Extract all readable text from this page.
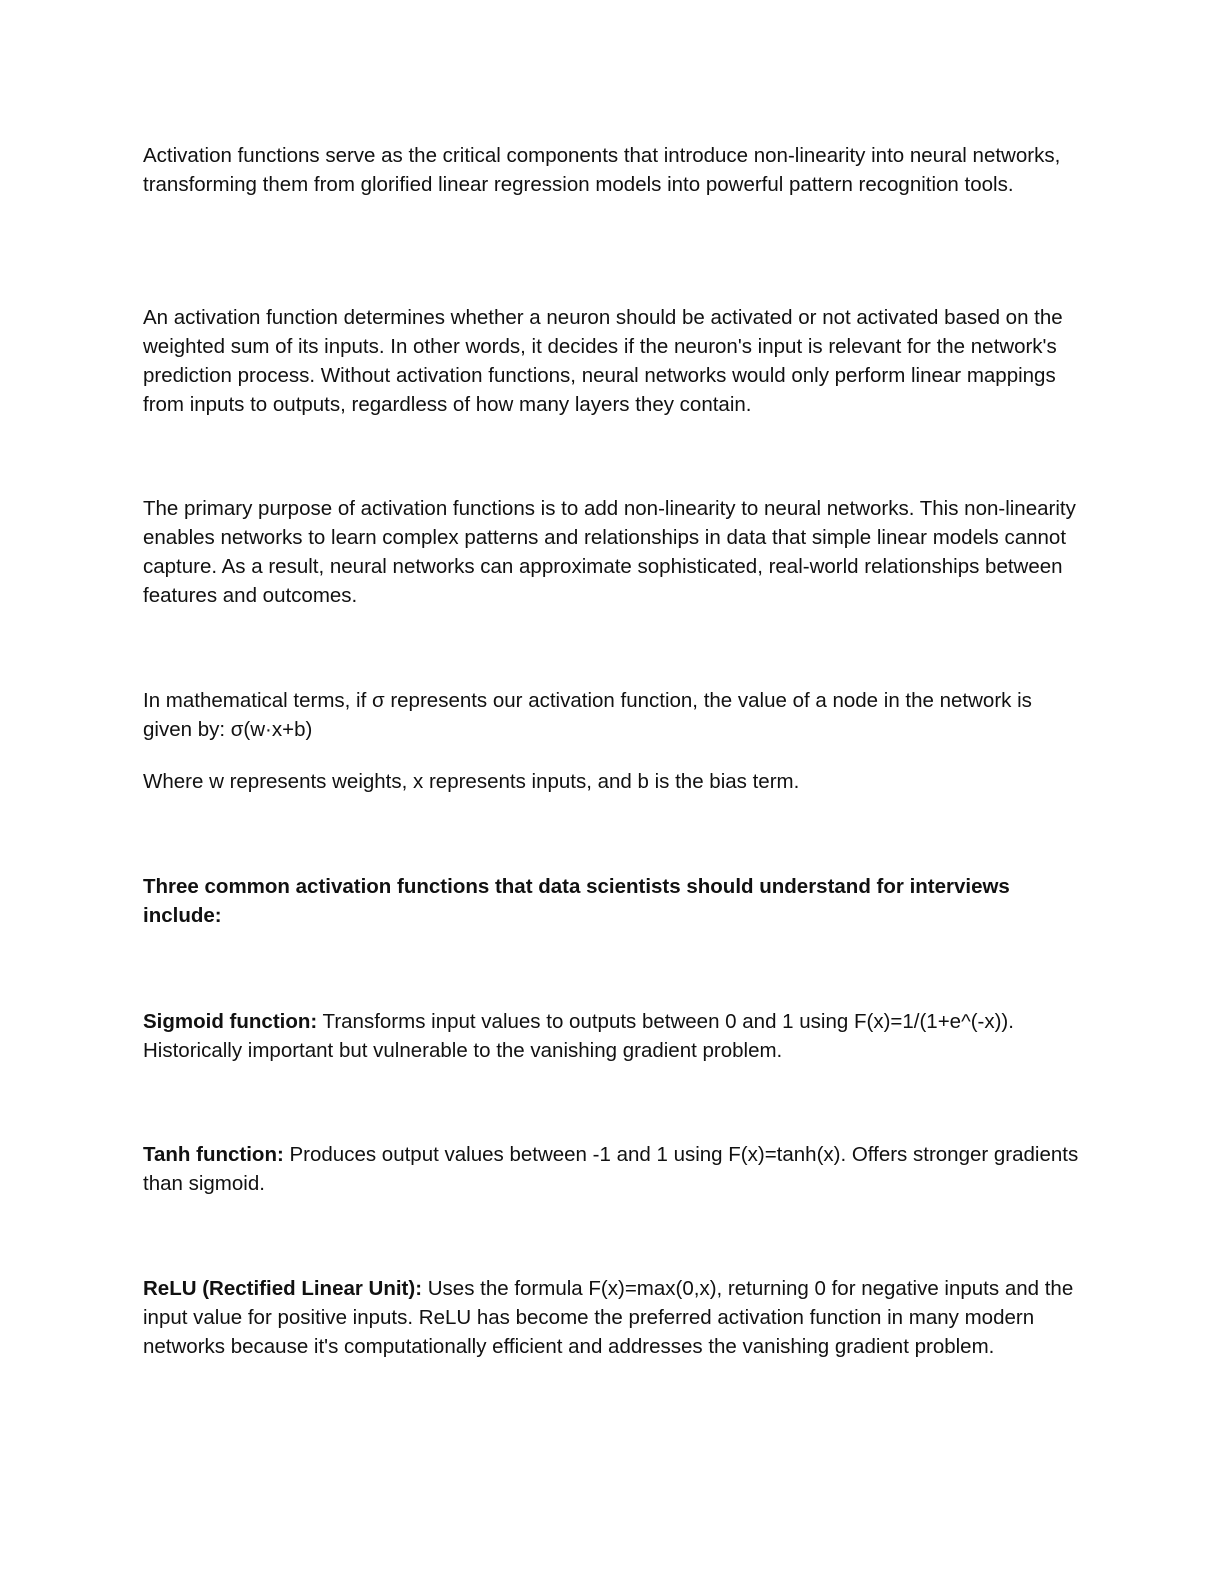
Activation functions serve as the critical components that introduce non-linearity into neural networks, transforming them from glorified linear regression models into powerful pattern recognition tools.

An activation function determines whether a neuron should be activated or not activated based on the weighted sum of its inputs. In other words, it decides if the neuron's input is relevant for the network's prediction process. Without activation functions, neural networks would only perform linear mappings from inputs to outputs, regardless of how many layers they contain.

The primary purpose of activation functions is to add non-linearity to neural networks. This non-linearity enables networks to learn complex patterns and relationships in data that simple linear models cannot capture. As a result, neural networks can approximate sophisticated, real-world relationships between features and outcomes.

In mathematical terms, if σ represents our activation function, the value of a node in the network is given by: σ(w·x+b)

Where w represents weights, x represents inputs, and b is the bias term.

Three common activation functions that data scientists should understand for interviews include:

Sigmoid function: Transforms input values to outputs between 0 and 1 using F(x)=1/(1+e^(-x)). Historically important but vulnerable to the vanishing gradient problem.

Tanh function: Produces output values between -1 and 1 using F(x)=tanh(x). Offers stronger gradients than sigmoid.

ReLU (Rectified Linear Unit): Uses the formula F(x)=max(0,x), returning 0 for negative inputs and the input value for positive inputs. ReLU has become the preferred activation function in many modern networks because it's computationally efficient and addresses the vanishing gradient problem.
